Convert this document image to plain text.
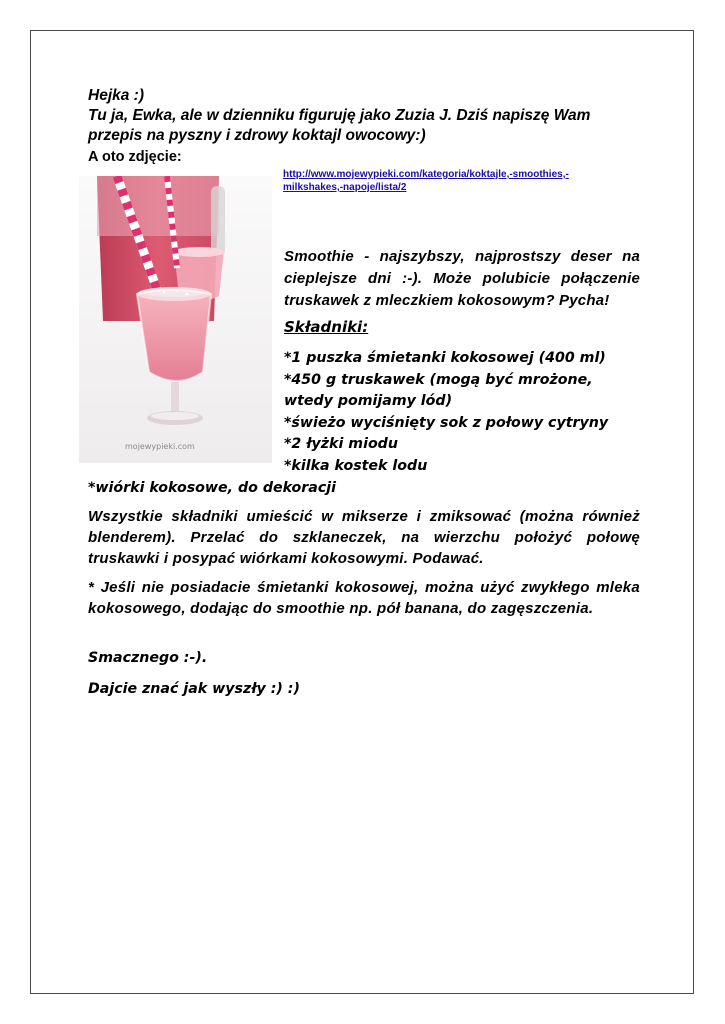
Hejka :)
Tu ja, Ewka, ale w dzienniku figuruję jako Zuzia J. Dziś napiszę Wam przepis na pyszny i zdrowy koktajl owocowy:)
A oto zdjęcie:
http://www.mojewypieki.com/kategoria/koktajle,-smoothies,-milkshakes,-napoje/lista/2
mojewypieki.com
Smoothie - najszybszy, najprostszy deser na cieplejsze dni :-). Może polubicie połączenie truskawek z mleczkiem kokosowym? Pycha!
Składniki:
*1 puszka śmietanki kokosowej (400 ml)
*450 g truskawek (mogą być mrożone,
wtedy pomijamy lód)
*świeżo wyciśnięty sok z połowy cytryny
*2 łyżki miodu
*kilka kostek lodu
*wiórki kokosowe, do dekoracji
Wszystkie składniki umieścić w mikserze i zmiksować (można również blenderem). Przelać do szklaneczek, na wierzchu położyć połowę truskawki i posypać wiórkami kokosowymi. Podawać.
* Jeśli nie posiadacie śmietanki kokosowej, można użyć zwykłego mleka kokosowego, dodając do smoothie np. pół banana, do zagęszczenia.
Smacznego :-).
Dajcie znać jak wyszły :) :)
